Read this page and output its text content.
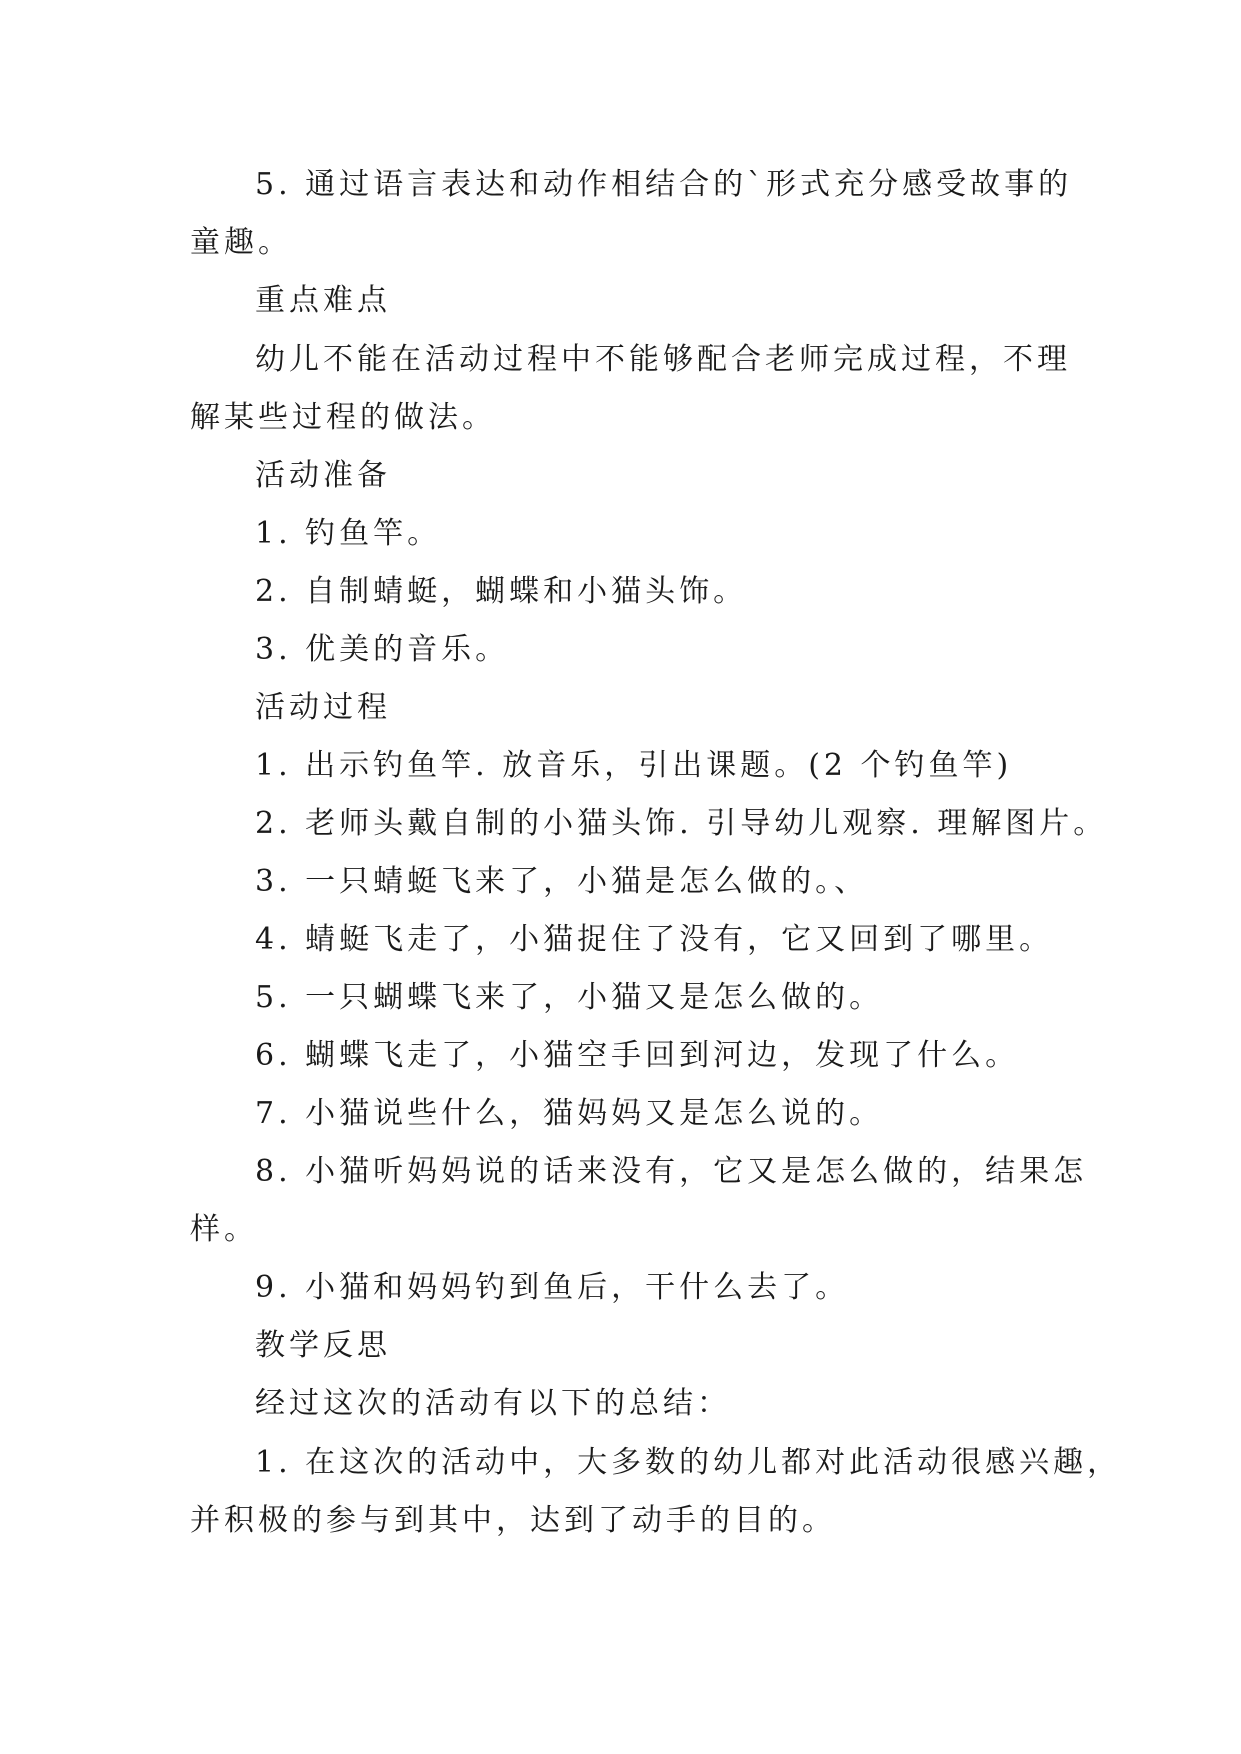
5. 通过语言表达和动作相结合的`形式充分感受故事的
童趣。
重点难点
幼儿不能在活动过程中不能够配合老师完成过程，不理
解某些过程的做法。
活动准备
1. 钓鱼竿。
2. 自制蜻蜓，蝴蝶和小猫头饰。
3. 优美的音乐。
活动过程
1. 出示钓鱼竿. 放音乐，引出课题。(2 个钓鱼竿)
2. 老师头戴自制的小猫头饰. 引导幼儿观察. 理解图片。
3. 一只蜻蜓飞来了，小猫是怎么做的。、
4. 蜻蜓飞走了，小猫捉住了没有，它又回到了哪里。
5. 一只蝴蝶飞来了，小猫又是怎么做的。
6. 蝴蝶飞走了，小猫空手回到河边，发现了什么。
7. 小猫说些什么，猫妈妈又是怎么说的。
8. 小猫听妈妈说的话来没有，它又是怎么做的，结果怎
样。
9. 小猫和妈妈钓到鱼后，干什么去了。
教学反思
经过这次的活动有以下的总结：
1. 在这次的活动中，大多数的幼儿都对此活动很感兴趣，
并积极的参与到其中，达到了动手的目的。
